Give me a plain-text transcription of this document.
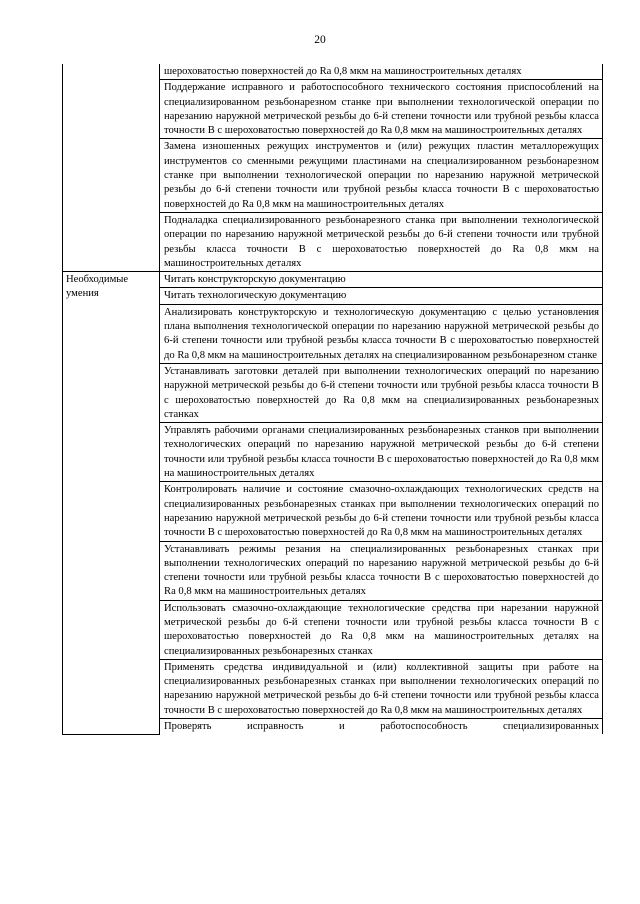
20
	шероховатостью поверхностей до Ra 0,8 мкм на машиностроительных деталях
	Поддержание исправного и работоспособного технического состояния приспособлений на специализированном резьбонарезном станке при выполнении технологической операции по нарезанию наружной метрической резьбы до 6-й степени точности или трубной резьбы класса точности В с шероховатостью поверхностей до Ra 0,8 мкм на машиностроительных деталях
	Замена изношенных режущих инструментов и (или) режущих пластин металлорежущих инструментов со сменными режущими пластинами на специализированном резьбонарезном станке при выполнении технологической операции по нарезанию наружной метрической резьбы до 6-й степени точности или трубной резьбы класса точности В с шероховатостью поверхностей до Ra 0,8 мкм на машиностроительных деталях
	Подналадка специализированного резьбонарезного станка при выполнении технологической операции по нарезанию наружной метрической резьбы до 6-й степени точности или трубной резьбы класса точности В с шероховатостью поверхностей до Ra 0,8 мкм на машиностроительных деталях
Необходимые умения	Читать конструкторскую документацию
	Читать технологическую документацию
	Анализировать конструкторскую и технологическую документацию с целью установления плана выполнения технологической операции по нарезанию наружной метрической резьбы до 6-й степени точности или трубной резьбы класса точности В с шероховатостью поверхностей до Ra 0,8 мкм на машиностроительных деталях на специализированном резьбонарезном станке
	Устанавливать заготовки деталей при выполнении технологических операций по нарезанию наружной метрической резьбы до 6-й степени точности или трубной резьбы класса точности В с шероховатостью поверхностей до Ra 0,8 мкм на специализированных резьбонарезных станках
	Управлять рабочими органами специализированных резьбонарезных станков при выполнении технологических операций по нарезанию наружной метрической резьбы до 6-й степени точности или трубной резьбы класса точности В с шероховатостью поверхностей до Ra 0,8 мкм на машиностроительных деталях
	Контролировать наличие и состояние смазочно-охлаждающих технологических средств на специализированных резьбонарезных станках при выполнении технологических операций по нарезанию наружной метрической резьбы до 6-й степени точности или трубной резьбы класса точности В с шероховатостью поверхностей до Ra 0,8 мкм на машиностроительных деталях
	Устанавливать режимы резания на специализированных резьбонарезных станках при выполнении технологических операций по нарезанию наружной метрической резьбы до 6-й степени точности или трубной резьбы класса точности В с шероховатостью поверхностей до Ra 0,8 мкм на машиностроительных деталях
	Использовать смазочно-охлаждающие технологические средства при нарезании наружной метрической резьбы до 6-й степени точности или трубной резьбы класса точности В с шероховатостью поверхностей до Ra 0,8 мкм на машиностроительных деталях на специализированных резьбонарезных станках
	Применять средства индивидуальной и (или) коллективной защиты при работе на специализированных резьбонарезных станках при выполнении технологических операций по нарезанию наружной метрической резьбы до 6-й степени точности или трубной резьбы класса точности В с шероховатостью поверхностей до Ra 0,8 мкм на машиностроительных деталях
	Проверять исправность и работоспособность специализированных
